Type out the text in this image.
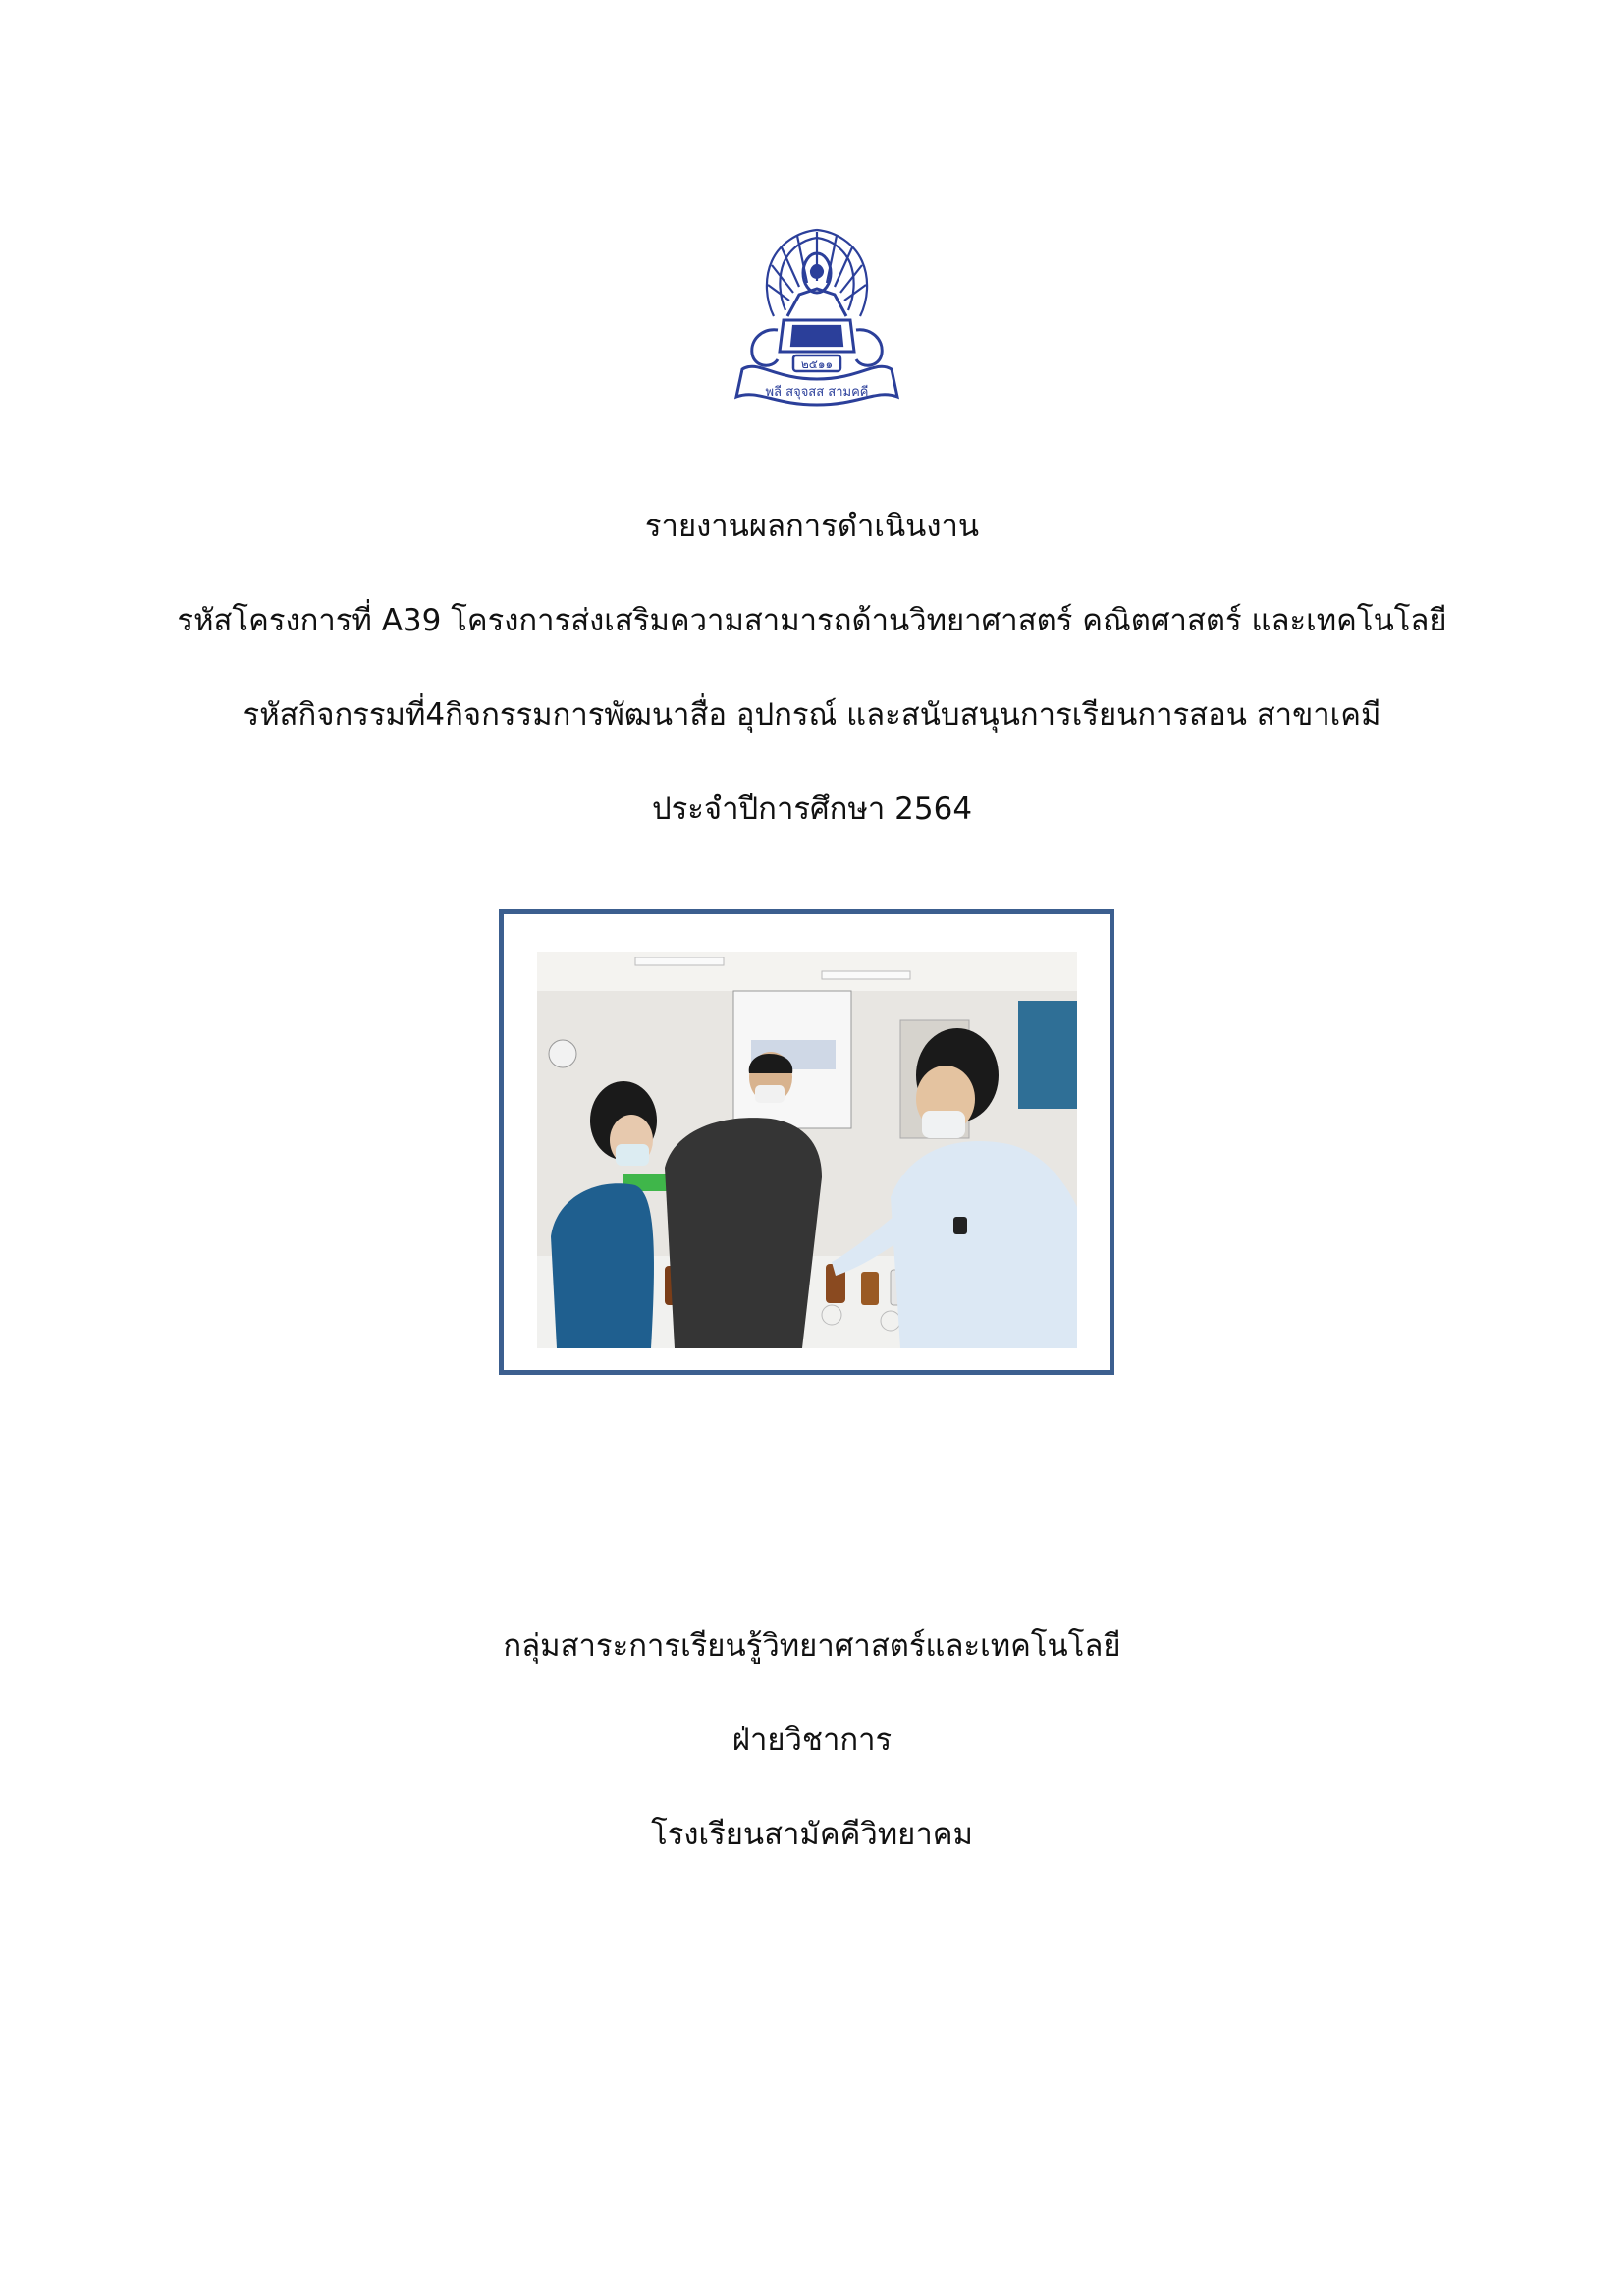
๒๕๑๑
พลี สจุจสส สามคคี
รายงานผลการดำเนินงาน
รหัสโครงการที่ A39 โครงการส่งเสริมความสามารถด้านวิทยาศาสตร์ คณิตศาสตร์ และเทคโนโลยี
รหัสกิจกรรมที่4กิจกรรมการพัฒนาสื่อ อุปกรณ์ และสนับสนุนการเรียนการสอน สาขาเคมี
ประจำปีการศึกษา 2564
กลุ่มสาระการเรียนรู้วิทยาศาสตร์และเทคโนโลยี
ฝ่ายวิชาการ
โรงเรียนสามัคคีวิทยาคม
